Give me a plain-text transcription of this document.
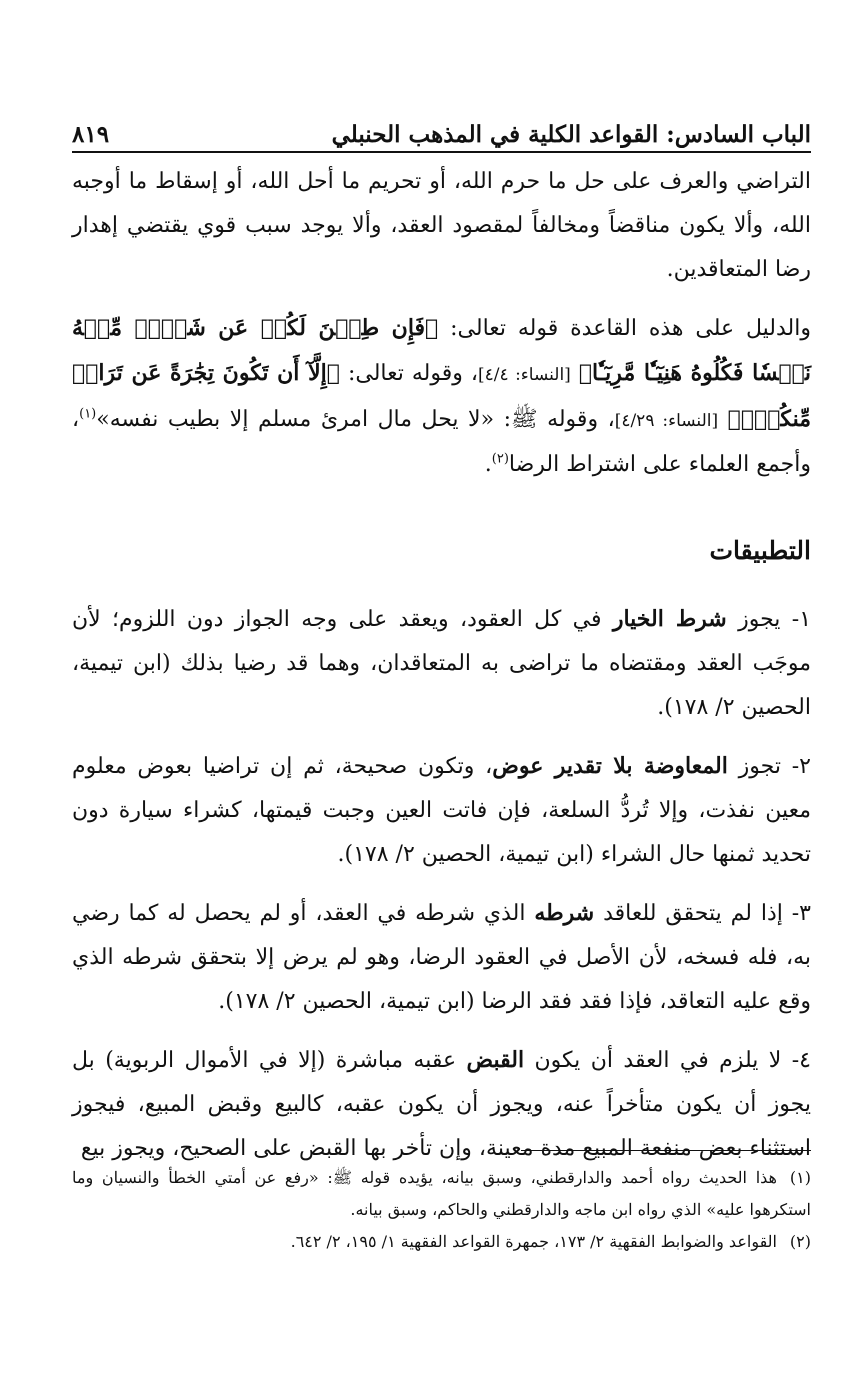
الباب السادس: القواعد الكلية في المذهب الحنبلي
٨١٩

التراضي والعرف على حل ما حرم الله، أو تحريم ما أحل الله، أو إسقاط ما أوجبه الله، وألا يكون مناقضاً ومخالفاً لمقصود العقد، وألا يوجد سبب قوي يقتضي إهدار رضا المتعاقدين.

والدليل على هذه القاعدة قوله تعالى: ﴿فَإِن طِبۡنَ لَكُمۡ عَن شَيۡءٖ مِّنۡهُ نَفۡسٗا فَكُلُوهُ هَنِيٓـٔٗا مَّرِيٓـٔٗا﴾ [النساء: ٤/٤]، وقوله تعالى: ﴿إِلَّآ أَن تَكُونَ تِجَٰرَةً عَن تَرَاضٖ مِّنكُمۡۚ﴾ [النساء: ٤/٢٩]، وقوله ﷺ: «لا يحل مال امرئ مسلم إلا بطيب نفسه»$^{(١)}$، وأجمع العلماء على اشتراط الرضا$^{(٢)}$.

التطبيقات

١- يجوز شرط الخيار في كل العقود، ويعقد على وجه الجواز دون اللزوم؛ لأن موجَب العقد ومقتضاه ما تراضى به المتعاقدان، وهما قد رضيا بذلك (ابن تيمية، الحصين ٢/ ١٧٨).

٢- تجوز المعاوضة بلا تقدير عوض، وتكون صحيحة، ثم إن تراضيا بعوض معلوم معين نفذت، وإلا تُردُّ السلعة، فإن فاتت العين وجبت قيمتها، كشراء سيارة دون تحديد ثمنها حال الشراء (ابن تيمية، الحصين ٢/ ١٧٨).

٣- إذا لم يتحقق للعاقد شرطه الذي شرطه في العقد، أو لم يحصل له كما رضي به، فله فسخه، لأن الأصل في العقود الرضا، وهو لم يرض إلا بتحقق شرطه الذي وقع عليه التعاقد، فإذا فقد فقد الرضا (ابن تيمية، الحصين ٢/ ١٧٨).

٤- لا يلزم في العقد أن يكون القبض عقبه مباشرة (إلا في الأموال الربوية) بل يجوز أن يكون متأخراً عنه، ويجوز أن يكون عقبه، كالبيع وقبض المبيع، فيجوز استثناء بعض منفعة المبيع مدة معينة، وإن تأخر بها القبض على الصحيح، ويجوز بيع

(١)هذا الحديث رواه أحمد والدارقطني، وسبق بيانه، يؤيده قوله ﷺ: «رفع عن أمتي الخطأ والنسيان وما استكرهوا عليه» الذي رواه ابن ماجه والدارقطني والحاكم، وسبق بيانه.

(٢)القواعد والضوابط الفقهية ٢/ ١٧٣، جمهرة القواعد الفقهية ١/ ١٩٥، ٢/ ٦٤٢.
